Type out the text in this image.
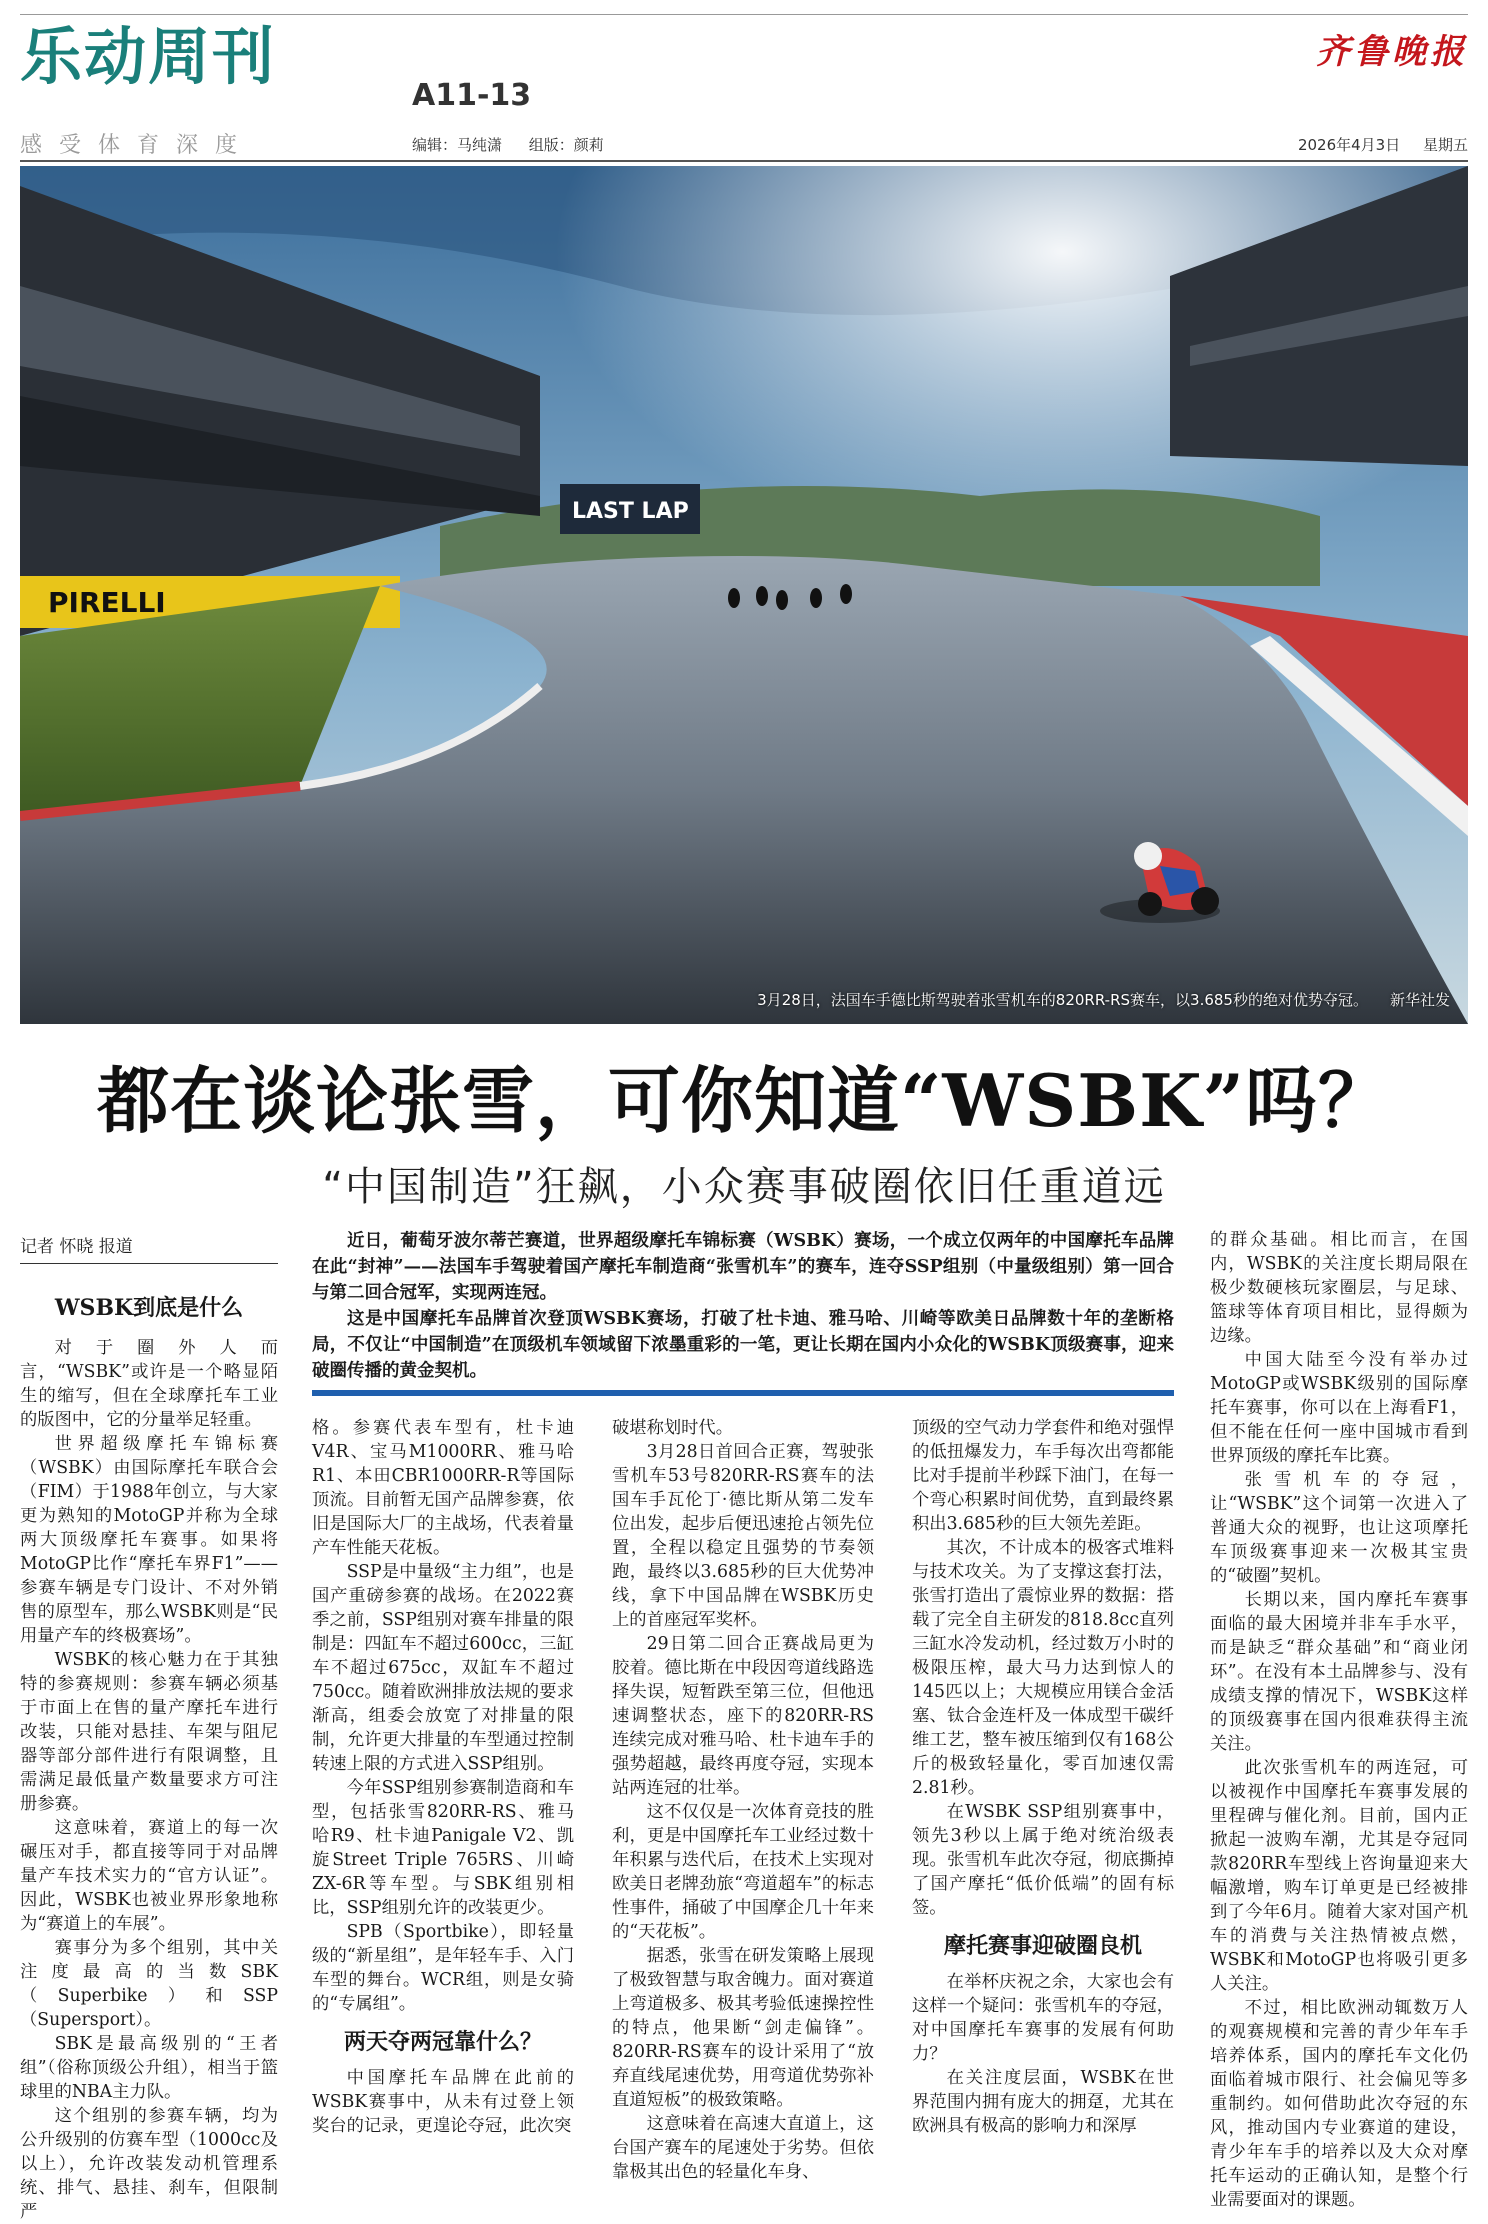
乐动周刊
A11-13
感受体育深度	编辑：马纯潇 组版：颜莉
齐鲁晚报
2026年4月3日 星期五
PIRELLI
LAST LAP
3月28日，法国车手德比斯驾驶着张雪机车的820RR-RS赛车，以3.685秒的绝对优势夺冠。 新华社发
都在谈论张雪，可你知道“WSBK”吗？
“中国制造”狂飙，小众赛事破圈依旧任重道远
记者 怀晓 报道	近日，葡萄牙波尔蒂芒赛道，世界超级摩托车锦标赛（WSBK）赛场，一个成立仅两年的中国摩托车品牌在此“封神”——法国车手驾驶着国产摩托车制造商“张雪机车”的赛车，连夺SSP组别（中量级组别）第一回合与第二回合冠军，实现两连冠。

这是中国摩托车品牌首次登顶WSBK赛场，打破了杜卡迪、雅马哈、川崎等欧美日品牌数十年的垄断格局，不仅让“中国制造”在顶级机车领域留下浓墨重彩的一笔，更让长期在国内小众化的WSBK顶级赛事，迎来破圈传播的黄金契机。

WSBK到底是什么

对于圈外人而言，“WSBK”或许是一个略显陌生的缩写，但在全球摩托车工业的版图中，它的分量举足轻重。

世界超级摩托车锦标赛（WSBK）由国际摩托车联合会（FIM）于1988年创立，与大家更为熟知的MotoGP并称为全球两大顶级摩托车赛事。如果将MotoGP比作“摩托车界F1”——参赛车辆是专门设计、不对外销售的原型车，那么WSBK则是“民用量产车的终极赛场”。

WSBK的核心魅力在于其独特的参赛规则：参赛车辆必须基于市面上在售的量产摩托车进行改装，只能对悬挂、车架与阻尼器等部分部件进行有限调整，且需满足最低量产数量要求方可注册参赛。

这意味着，赛道上的每一次碾压对手，都直接等同于对品牌量产车技术实力的“官方认证”。因此，WSBK也被业界形象地称为“赛道上的车展”。

赛事分为多个组别，其中关注度最高的当数SBK（Superbike）和SSP（Supersport）。

SBK是最高级别的“王者组”（俗称顶级公升组），相当于篮球里的NBA主力队。

这个组别的参赛车辆，均为公升级别的仿赛车型（1000cc及以上），允许改装发动机管理系统、排气、悬挂、刹车，但限制严

格。参赛代表车型有，杜卡迪V4R、宝马M1000RR、雅马哈R1、本田CBR1000RR-R等国际顶流。目前暂无国产品牌参赛，依旧是国际大厂的主战场，代表着量产车性能天花板。

SSP是中量级“主力组”，也是国产重磅参赛的战场。在2022赛季之前，SSP组别对赛车排量的限制是：四缸车不超过600cc，三缸车不超过675cc，双缸车不超过750cc。随着欧洲排放法规的要求渐高，组委会放宽了对排量的限制，允许更大排量的车型通过控制转速上限的方式进入SSP组别。

今年SSP组别参赛制造商和车型，包括张雪820RR-RS、雅马哈R9、杜卡迪Panigale V2、凯旋Street Triple 765RS、川崎ZX-6R等车型。与SBK组别相比，SSP组别允许的改装更少。

SPB（Sportbike），即轻量级的“新星组”，是年轻车手、入门车型的舞台。WCR组，则是女骑的“专属组”。

两天夺两冠靠什么？

中国摩托车品牌在此前的WSBK赛事中，从未有过登上领奖台的记录，更遑论夺冠，此次突

破堪称划时代。

3月28日首回合正赛，驾驶张雪机车53号820RR-RS赛车的法国车手瓦伦丁·德比斯从第二发车位出发，起步后便迅速抢占领先位置，全程以稳定且强势的节奏领跑，最终以3.685秒的巨大优势冲线，拿下中国品牌在WSBK历史上的首座冠军奖杯。

29日第二回合正赛战局更为胶着。德比斯在中段因弯道线路选择失误，短暂跌至第三位，但他迅速调整状态，座下的820RR-RS连续完成对雅马哈、杜卡迪车手的强势超越，最终再度夺冠，实现本站两连冠的壮举。

这不仅仅是一次体育竞技的胜利，更是中国摩托车工业经过数十年积累与迭代后，在技术上实现对欧美日老牌劲旅“弯道超车”的标志性事件，捅破了中国摩企几十年来的“天花板”。

据悉，张雪在研发策略上展现了极致智慧与取舍魄力。面对赛道上弯道极多、极其考验低速操控性的特点，他果断“剑走偏锋”。820RR-RS赛车的设计采用了“放弃直线尾速优势，用弯道优势弥补直道短板”的极致策略。

这意味着在高速大直道上，这台国产赛车的尾速处于劣势。但依靠极其出色的轻量化车身、

顶级的空气动力学套件和绝对强悍的低扭爆发力，车手每次出弯都能比对手提前半秒踩下油门，在每一个弯心积累时间优势，直到最终累积出3.685秒的巨大领先差距。

其次，不计成本的极客式堆料与技术攻关。为了支撑这套打法，张雪打造出了震惊业界的数据：搭载了完全自主研发的818.8cc直列三缸水冷发动机，经过数万小时的极限压榨，最大马力达到惊人的145匹以上；大规模应用镁合金活塞、钛合金连杆及一体成型干碳纤维工艺，整车被压缩到仅有168公斤的极致轻量化，零百加速仅需2.81秒。

在WSBK SSP组别赛事中，领先3秒以上属于绝对统治级表现。张雪机车此次夺冠，彻底撕掉了国产摩托“低价低端”的固有标签。

摩托赛事迎破圈良机

在举杯庆祝之余，大家也会有这样一个疑问：张雪机车的夺冠，对中国摩托车赛事的发展有何助力？

在关注度层面，WSBK在世界范围内拥有庞大的拥趸，尤其在欧洲具有极高的影响力和深厚

的群众基础。相比而言，在国内，WSBK的关注度长期局限在极少数硬核玩家圈层，与足球、篮球等体育项目相比，显得颇为边缘。

中国大陆至今没有举办过MotoGP或WSBK级别的国际摩托车赛事，你可以在上海看F1，但不能在任何一座中国城市看到世界顶级的摩托车比赛。

张雪机车的夺冠，让“WSBK”这个词第一次进入了普通大众的视野，也让这项摩托车顶级赛事迎来一次极其宝贵的“破圈”契机。

长期以来，国内摩托车赛事面临的最大困境并非车手水平，而是缺乏“群众基础”和“商业闭环”。在没有本土品牌参与、没有成绩支撑的情况下，WSBK这样的顶级赛事在国内很难获得主流关注。

此次张雪机车的两连冠，可以被视作中国摩托车赛事发展的里程碑与催化剂。目前，国内正掀起一波购车潮，尤其是夺冠同款820RR车型线上咨询量迎来大幅激增，购车订单更是已经被排到了今年6月。随着大家对国产机车的消费与关注热情被点燃，WSBK和MotoGP也将吸引更多人关注。

不过，相比欧洲动辄数万人的观赛规模和完善的青少年车手培养体系，国内的摩托车文化仍面临着城市限行、社会偏见等多重制约。如何借助此次夺冠的东风，推动国内专业赛道的建设，青少年车手的培养以及大众对摩托车运动的正确认知，是整个行业需要面对的课题。
